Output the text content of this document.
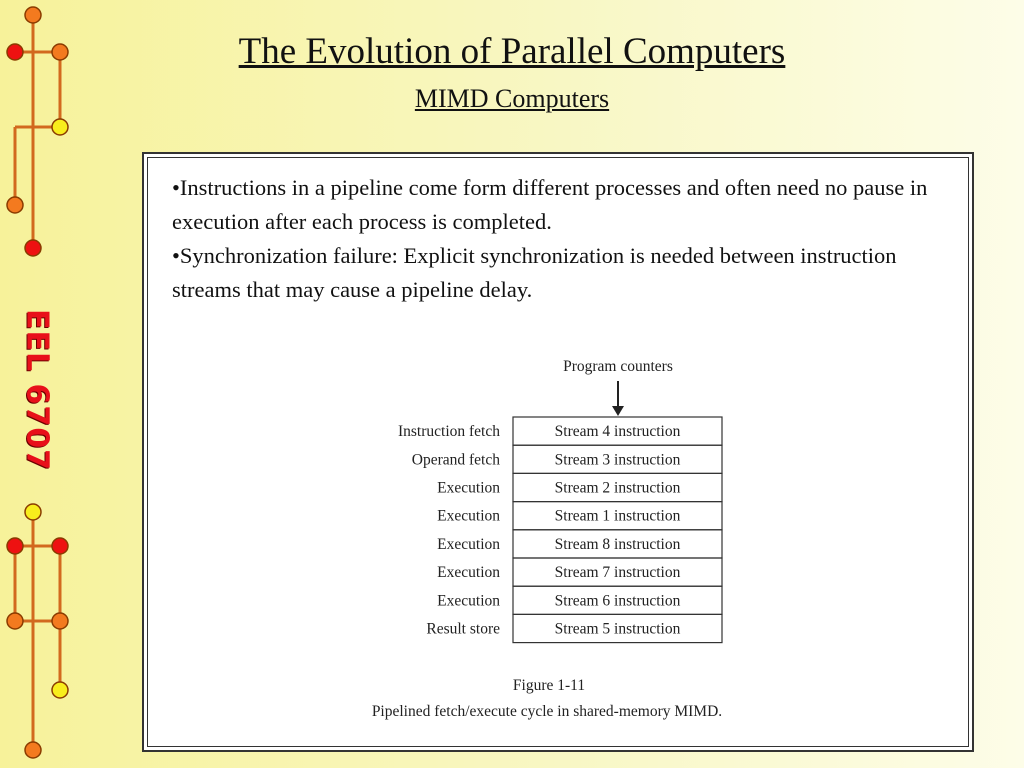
EEL 6707
The Evolution of Parallel Computers
MIMD Computers

•Instructions in a pipeline come form different processes and often need no pause in execution after each process is completed.

•Synchronization failure: Explicit synchronization is needed between instruction streams that may cause a pipeline delay.

Program counters
Instruction fetch	Stream 4 instruction
Operand fetch	Stream 3 instruction
Execution	Stream 2 instruction
Execution	Stream 1 instruction
Execution	Stream 8 instruction
Execution	Stream 7 instruction
Execution	Stream 6 instruction
Result store	Stream 5 instruction
Figure 1-11
Pipelined fetch/execute cycle in shared-memory MIMD.
